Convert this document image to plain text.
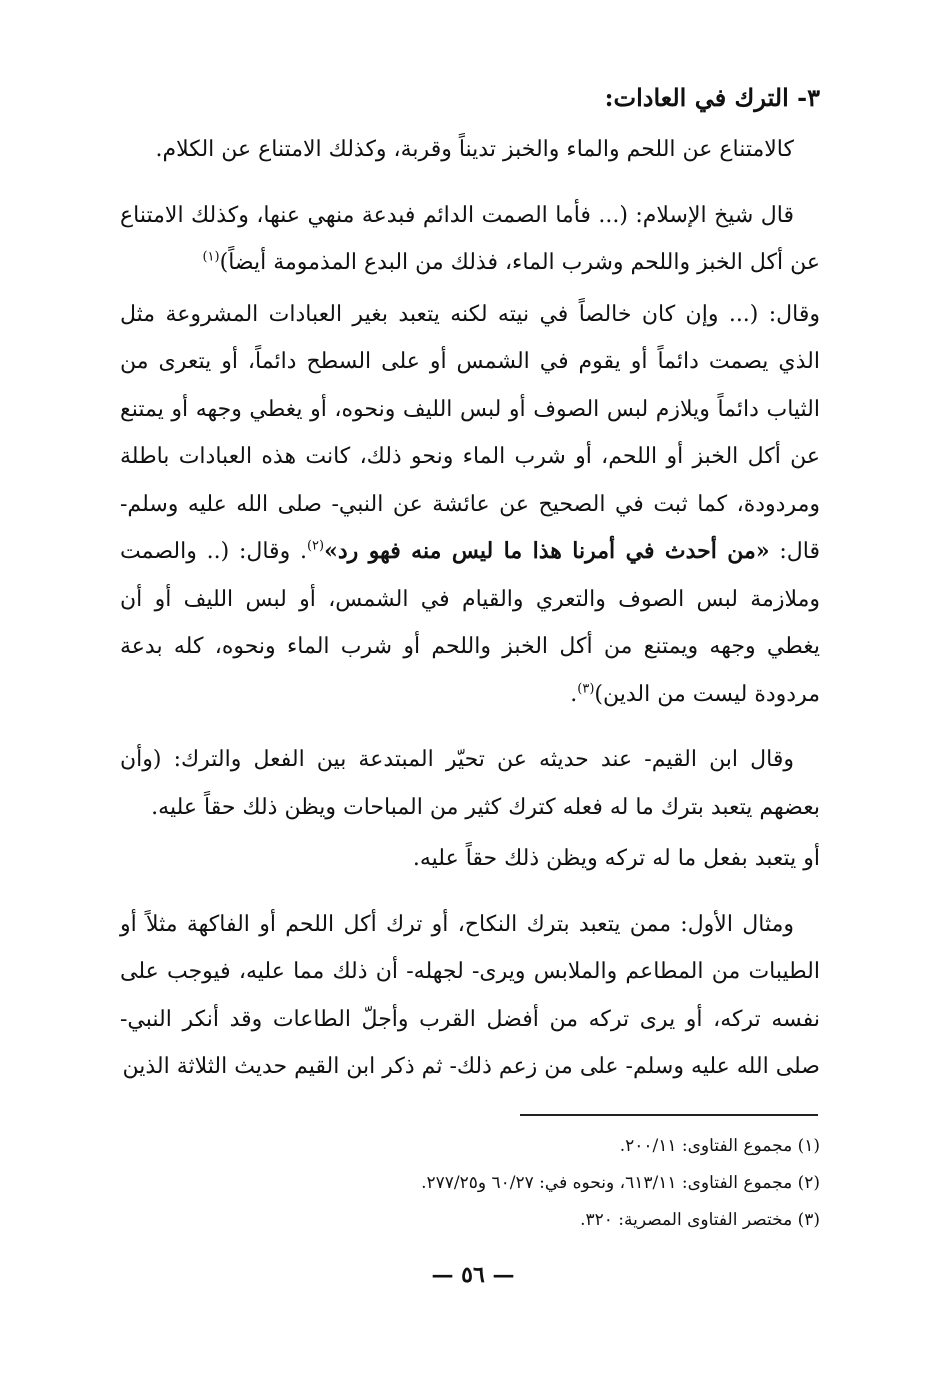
٣- الترك في العادات:

كالامتناع عن اللحم والماء والخبز تديناً وقربة، وكذلك الامتناع عن الكلام.

قال شيخ الإسلام: (... فأما الصمت الدائم فبدعة منهي عنها، وكذلك الامتناع عن أكل الخبز واللحم وشرب الماء، فذلك من البدع المذمومة أيضاً)$^{(١)}$

وقال: (... وإن كان خالصاً في نيته لكنه يتعبد بغير العبادات المشروعة مثل الذي يصمت دائماً أو يقوم في الشمس أو على السطح دائماً، أو يتعرى من الثياب دائماً ويلازم لبس الصوف أو لبس الليف ونحوه، أو يغطي وجهه أو يمتنع عن أكل الخبز أو اللحم، أو شرب الماء ونحو ذلك، كانت هذه العبادات باطلة ومردودة، كما ثبت في الصحيح عن عائشة عن النبي- صلى الله عليه وسلم- قال: «من أحدث في أمرنا هذا ما ليس منه فهو رد»$^{(٢)}$. وقال: (.. والصمت وملازمة لبس الصوف والتعري والقيام في الشمس، أو لبس الليف أو أن يغطي وجهه ويمتنع من أكل الخبز واللحم أو شرب الماء ونحوه، كله بدعة مردودة ليست من الدين)$^{(٣)}$.

وقال ابن القيم- عند حديثه عن تحيّر المبتدعة بين الفعل والترك: (وأن بعضهم يتعبد بترك ما له فعله كترك كثير من المباحات ويظن ذلك حقاً عليه.

أو يتعبد بفعل ما له تركه ويظن ذلك حقاً عليه.

ومثال الأول: ممن يتعبد بترك النكاح، أو ترك أكل اللحم أو الفاكهة مثلاً أو الطيبات من المطاعم والملابس ويرى- لجهله- أن ذلك مما عليه، فيوجب على نفسه تركه، أو يرى تركه من أفضل القرب وأجلّ الطاعات وقد أنكر النبي- صلى الله عليه وسلم- على من زعم ذلك- ثم ذكر ابن القيم حديث الثلاثة الذين

(١) مجموع الفتاوى: ٢٠٠/١١.
(٢) مجموع الفتاوى: ٦١٣/١١، ونحوه في: ٦٠/٢٧ و٢٧٧/٢٥.
(٣) مختصر الفتاوى المصرية: ٣٢٠.
— ٥٦ —
